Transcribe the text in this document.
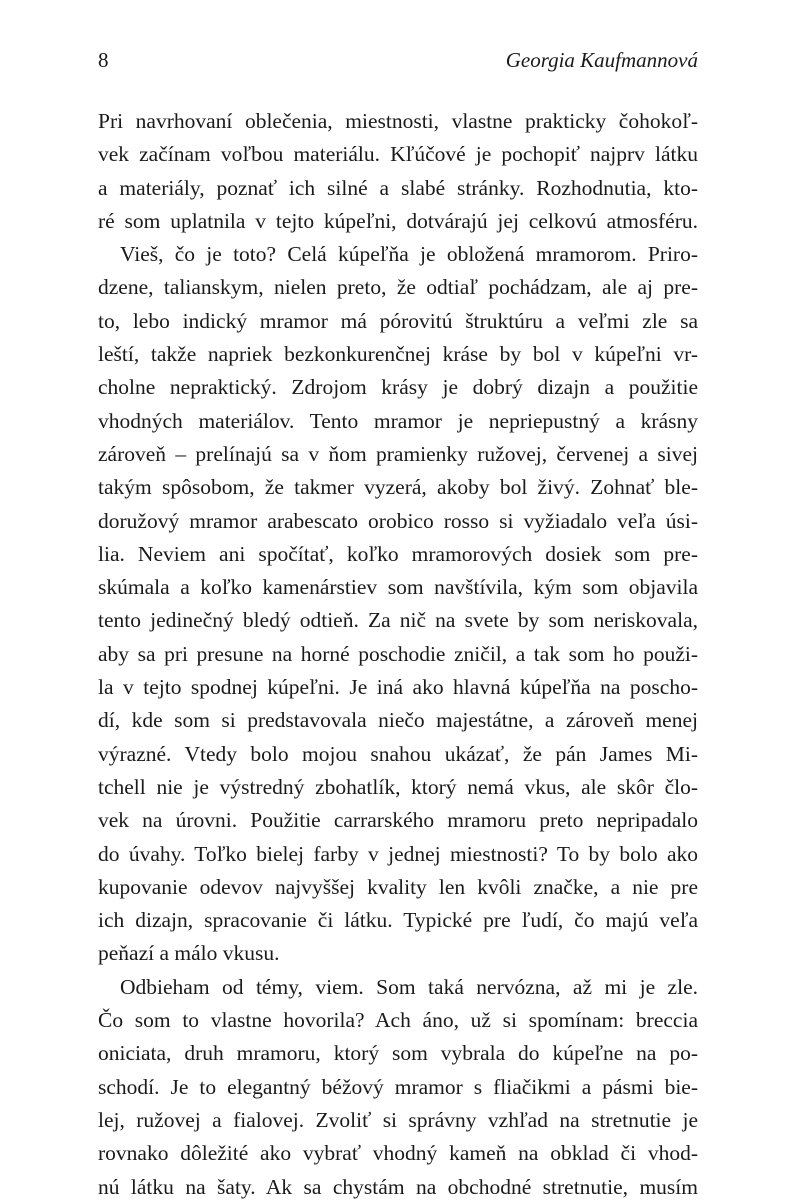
8	Georgia Kaufmannová
Pri navrhovaní oblečenia, miestnosti, vlastne prakticky čohokoľ-
vek začínam voľbou materiálu. Kľúčové je pochopiť najprv látku
a materiály, poznať ich silné a slabé stránky. Rozhodnutia, kto-
ré som uplatnila v tejto kúpeľni, dotvárajú jej celkovú atmosféru.
Vieš, čo je toto? Celá kúpeľňa je obložená mramorom. Priro-
dzene, talianskym, nielen preto, že odtiaľ pochádzam, ale aj pre-
to, lebo indický mramor má pórovitú štruktúru a veľmi zle sa
leští, takže napriek bezkonkurenčnej kráse by bol v kúpeľni vr-
cholne nepraktický. Zdrojom krásy je dobrý dizajn a použitie
vhodných materiálov. Tento mramor je nepriepustný a krásny
zároveň – prelínajú sa v ňom pramienky ružovej, červenej a sivej
takým spôsobom, že takmer vyzerá, akoby bol živý. Zohnať ble-
doružový mramor arabescato orobico rosso si vyžiadalo veľa úsi-
lia. Neviem ani spočítať, koľko mramorových dosiek som pre-
skúmala a koľko kamenárstiev som navštívila, kým som objavila
tento jedinečný bledý odtieň. Za nič na svete by som neriskovala,
aby sa pri presune na horné poschodie zničil, a tak som ho použi-
la v tejto spodnej kúpeľni. Je iná ako hlavná kúpeľňa na poscho-
dí, kde som si predstavovala niečo majestátne, a zároveň menej
výrazné. Vtedy bolo mojou snahou ukázať, že pán James Mi-
tchell nie je výstredný zbohatlík, ktorý nemá vkus, ale skôr člo-
vek na úrovni. Použitie carrarského mramoru preto nepripadalo
do úvahy. Toľko bielej farby v jednej miestnosti? To by bolo ako
kupovanie odevov najvyššej kvality len kvôli značke, a nie pre
ich dizajn, spracovanie či látku. Typické pre ľudí, čo majú veľa
peňazí a málo vkusu.
Odbieham od témy, viem. Som taká nervózna, až mi je zle.
Čo som to vlastne hovorila? Ach áno, už si spomínam: breccia
oniciata, druh mramoru, ktorý som vybrala do kúpeľne na po-
schodí. Je to elegantný béžový mramor s fliačikmi a pásmi bie-
lej, ružovej a fialovej. Zvoliť si správny vzhľad na stretnutie je
rovnako dôležité ako vybrať vhodný kameň na obklad či vhod-
nú látku na šaty. Ak sa chystám na obchodné stretnutie, musím
